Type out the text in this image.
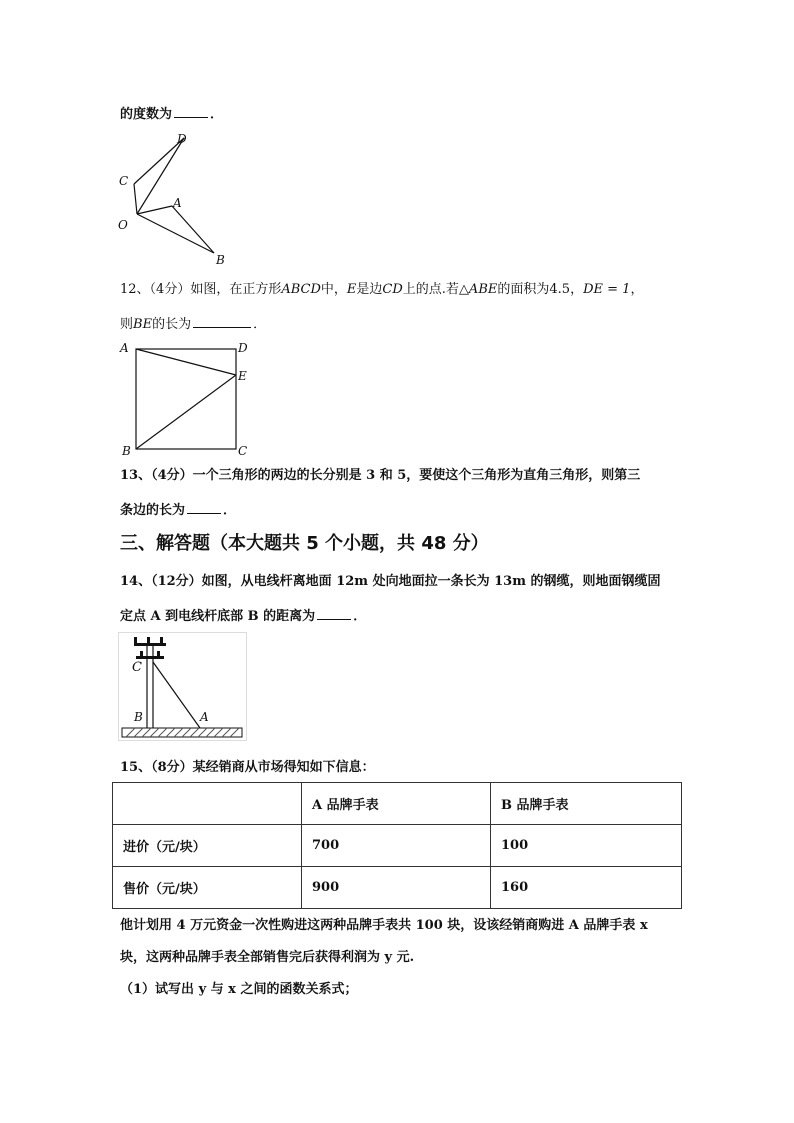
的度数为	．
D
C
A
O
B
12、（4分）如图，在正方形ABCD中，E是边CD上的点.若△ABE的面积为4.5，DE = 1，
则BE的长为	．
A	D
E
B	C
13、（4分）一个三角形的两边的长分别是 3 和 5，要使这个三角形为直角三角形，则第三
条边的长为	．
三、解答题（本大题共 5 个小题，共 48 分）
14、（12分）如图，从电线杆离地面 12m 处向地面拉一条长为 13m 的钢缆，则地面钢缆固
定点 A 到电线杆底部 B 的距离为	．
C
B	A
15、（8分）某经销商从市场得知如下信息：
	A 品牌手表	B 品牌手表
进价（元/块）	700	100
售价（元/块）	900	160
他计划用 4 万元资金一次性购进这两种品牌手表共 100 块，设该经销商购进 A 品牌手表 x
块，这两种品牌手表全部销售完后获得利润为 y 元.
（1）试写出 y 与 x 之间的函数关系式；
